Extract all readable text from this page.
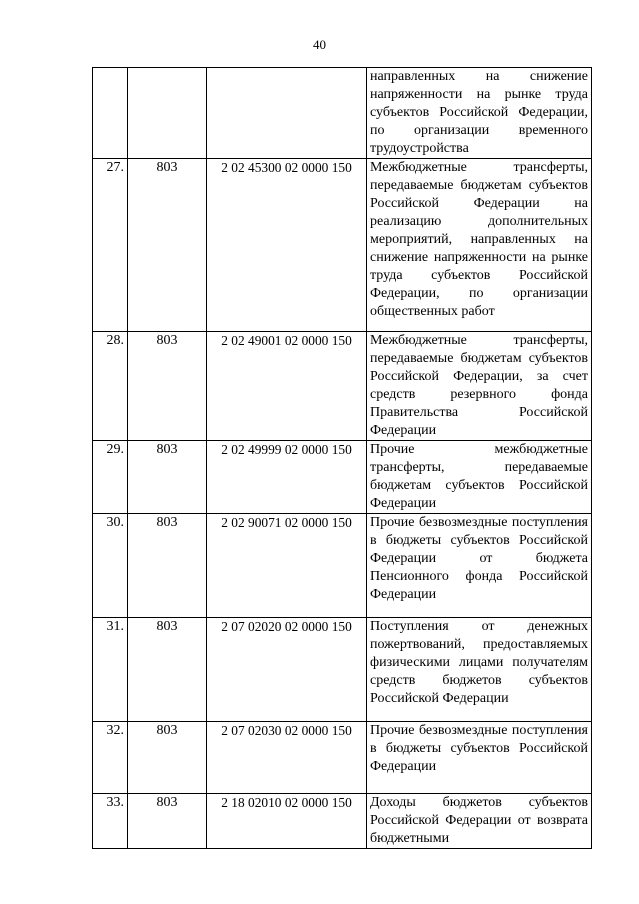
40
			направленных на снижение напряженности на рынке труда субъектов Российской Федерации, по организации временного трудоустройства
27.	803	2 02 45300 02 0000 150	Межбюджетные трансферты, передаваемые бюджетам субъектов Российской Федерации на реализацию дополнительных мероприятий, направленных на снижение напряженности на рынке труда субъектов Российской Федерации, по организации общественных работ
28.	803	2 02 49001 02 0000 150	Межбюджетные трансферты, передаваемые бюджетам субъектов Российской Федерации, за счет средств резервного фонда Правительства Российской Федерации
29.	803	2 02 49999 02 0000 150	Прочие межбюджетные трансферты, передаваемые бюджетам субъектов Российской Федерации
30.	803	2 02 90071 02 0000 150	Прочие безвозмездные поступления в бюджеты субъектов Российской Федерации от бюджета Пенсионного фонда Российской Федерации
31.	803	2 07 02020 02 0000 150	Поступления от денежных пожертвований, предоставляемых физическими лицами получателям средств бюджетов субъектов Российской Федерации
32.	803	2 07 02030 02 0000 150	Прочие безвозмездные поступления в бюджеты субъектов Российской Федерации
33.	803	2 18 02010 02 0000 150	Доходы бюджетов субъектов Российской Федерации от возврата бюджетными
